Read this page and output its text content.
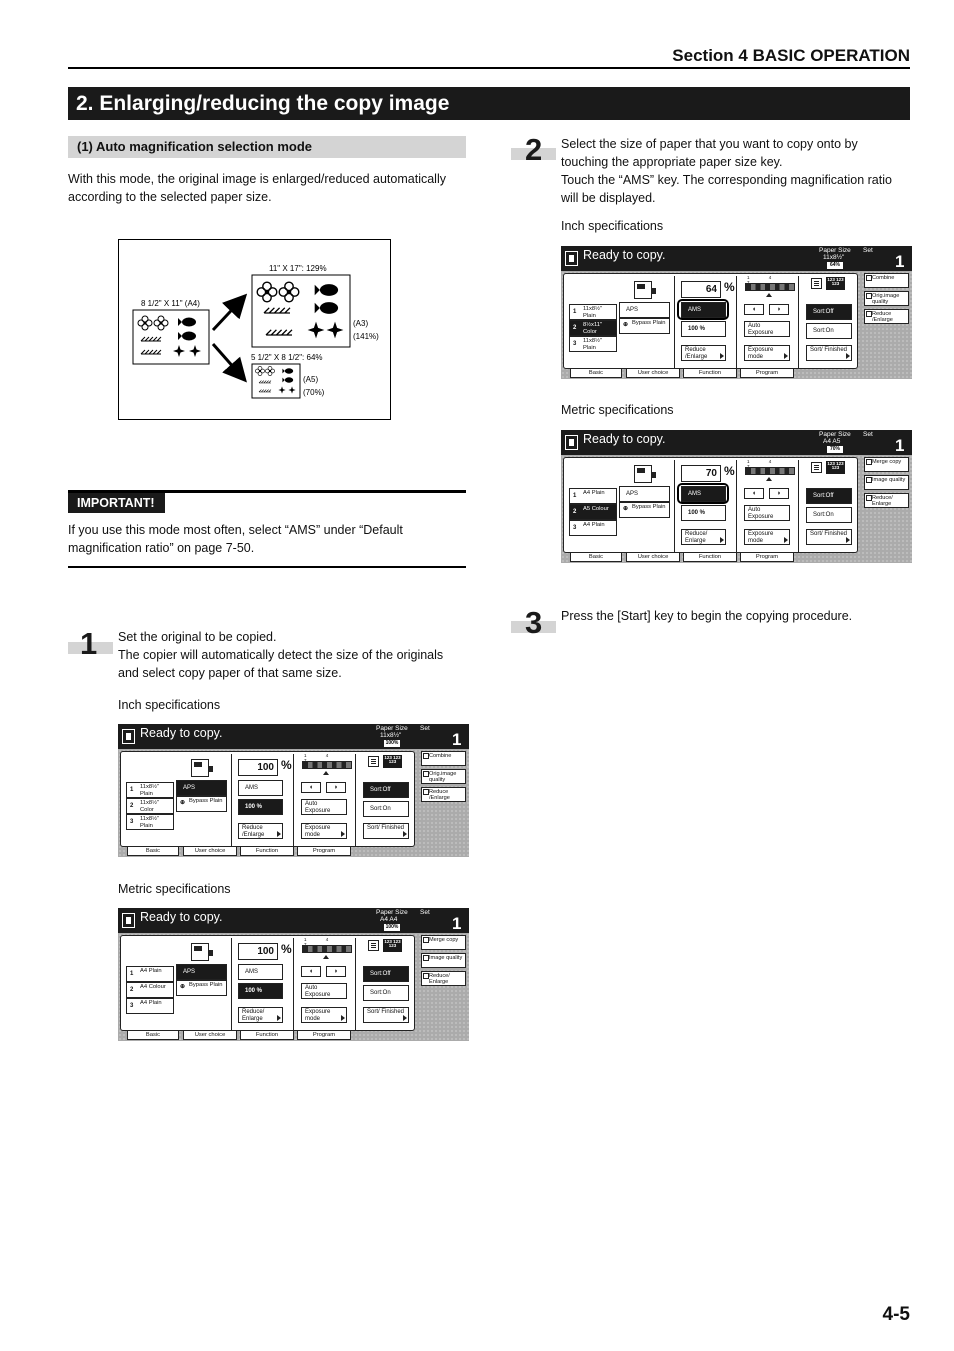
Section 4 BASIC OPERATION
2. Enlarging/reducing the copy image
(1) Auto magnification selection mode
With this mode, the original image is enlarged/reduced automatically
according to the selected paper size.
8 1/2" X 11" (A4)
11" X 17": 129%
(A3)
(141%)
5 1/2" X 8 1/2": 64%
(A5)
(70%)
IMPORTANT!
If you use this mode most often, select “AMS” under “Default
magnification ratio” on page 7-50.
1 Set the original to be copied.
The copier will automatically detect the size of the originals
and select copy paper of that same size.
Inch specifications
Metric specifications
2 Select the size of paper that you want to copy onto by
touching the appropriate paper size key.
Touch the “AMS” key. The corresponding magnification ratio
will be displayed.
Inch specifications
Metric specifications
3 Press the [Start] key to begin the copying procedure.
4-5
Ready to copy.	Paper Size Set
11x8½"
100%	1
1 11x8½" Plain
2 11x8½" Color
3 11x8½" Plain
APS
⊕ Bypass Plain
100 %
AMS
100 %
Reduce /Enlarge
1 4
◖	◗
Auto Exposure
Exposure mode
123 123 123
Sort:Off
Sort:On
Sort/ Finished
Basic	User choice	Function	Program
Combine
Orig.image quality
Reduce /Enlarge
Ready to copy.	Paper Size Set
A4 A4
100%	1
1 A4 Plain
2 A4 Colour
3 A4 Plain
APS
⊕ Bypass Plain
100 %
AMS
100 %
Reduce/ Enlarge
1 4
◖	◗
Auto Exposure
Exposure mode
123 123 123
Sort:Off
Sort:On
Sort/ Finished
Basic	User choice	Function	Program
Merge copy
Image quality
Reduce/ Enlarge
Ready to copy.	Paper Size Set
11x8½"
64%	1
1 11x8½" Plain
2 8½x11" Color
3 11x8½" Plain
APS
⊕ Bypass Plain
64 %
AMS
100 %
Reduce /Enlarge
1 4
◖	◗
Auto Exposure
Exposure mode
123 123 123
Sort:Off
Sort:On
Sort/ Finished
Basic	User choice	Function	Program
Combine
Orig.image quality
Reduce /Enlarge
Ready to copy.	Paper Size Set
A4 A5
70%	1
1 A4 Plain
2 A5 Colour
3 A4 Plain
APS
⊕ Bypass Plain
70 %
AMS
100 %
Reduce/ Enlarge
1 4
◖	◗
Auto Exposure
Exposure mode
123 123 123
Sort:Off
Sort:On
Sort/ Finished
Basic	User choice	Function	Program
Merge copy
Image quality
Reduce/ Enlarge
